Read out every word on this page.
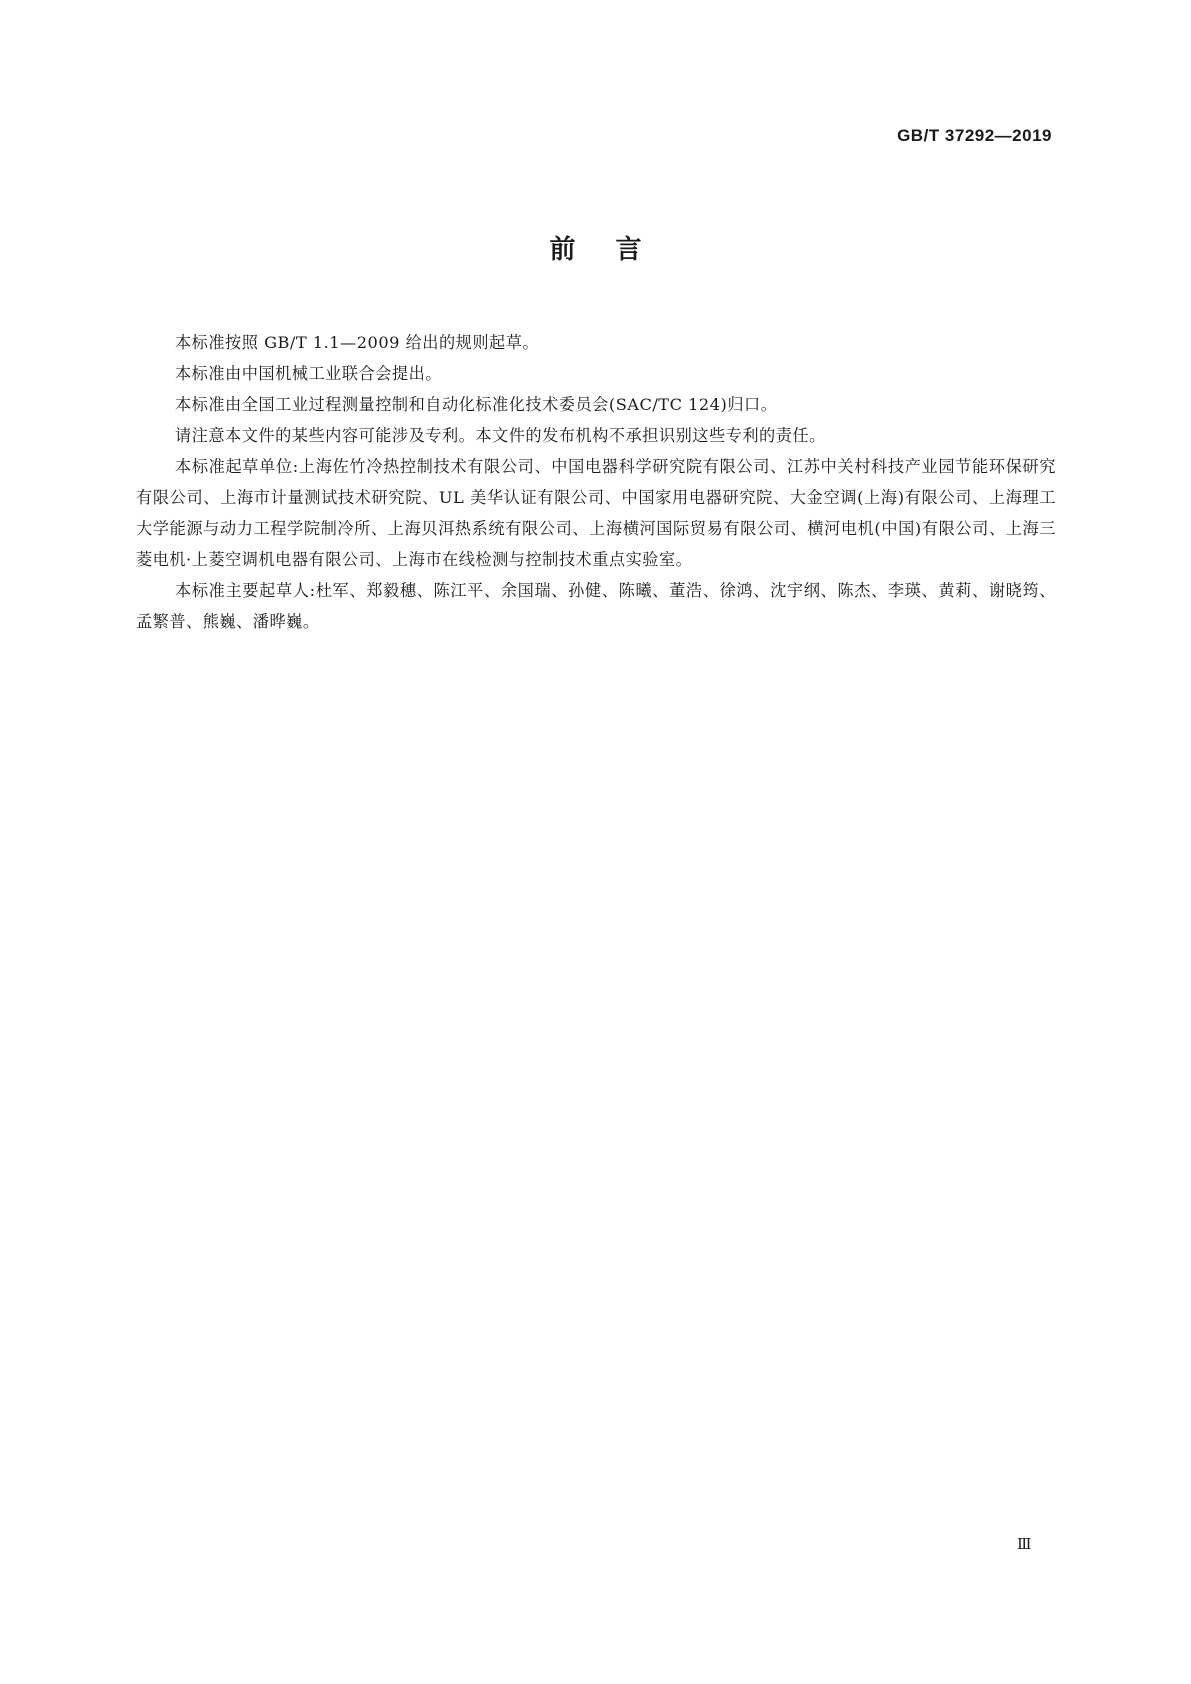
GB/T 37292—2019
前言

本标准按照 GB/T 1.1—2009 给出的规则起草。

本标准由中国机械工业联合会提出。

本标准由全国工业过程测量控制和自动化标准化技术委员会(SAC/TC 124)归口。

请注意本文件的某些内容可能涉及专利。本文件的发布机构不承担识别这些专利的责任。

本标准起草单位:上海佐竹冷热控制技术有限公司、中国电器科学研究院有限公司、江苏中关村科技产业园节能环保研究有限公司、上海市计量测试技术研究院、UL 美华认证有限公司、中国家用电器研究院、大金空调(上海)有限公司、上海理工大学能源与动力工程学院制冷所、上海贝洱热系统有限公司、上海横河国际贸易有限公司、横河电机(中国)有限公司、上海三菱电机·上菱空调机电器有限公司、上海市在线检测与控制技术重点实验室。

本标准主要起草人:杜军、郑毅穗、陈江平、余国瑞、孙健、陈曦、董浩、徐鸿、沈宇纲、陈杰、李瑛、黄莉、谢晓筠、孟繁普、熊巍、潘晔巍。

Ⅲ
